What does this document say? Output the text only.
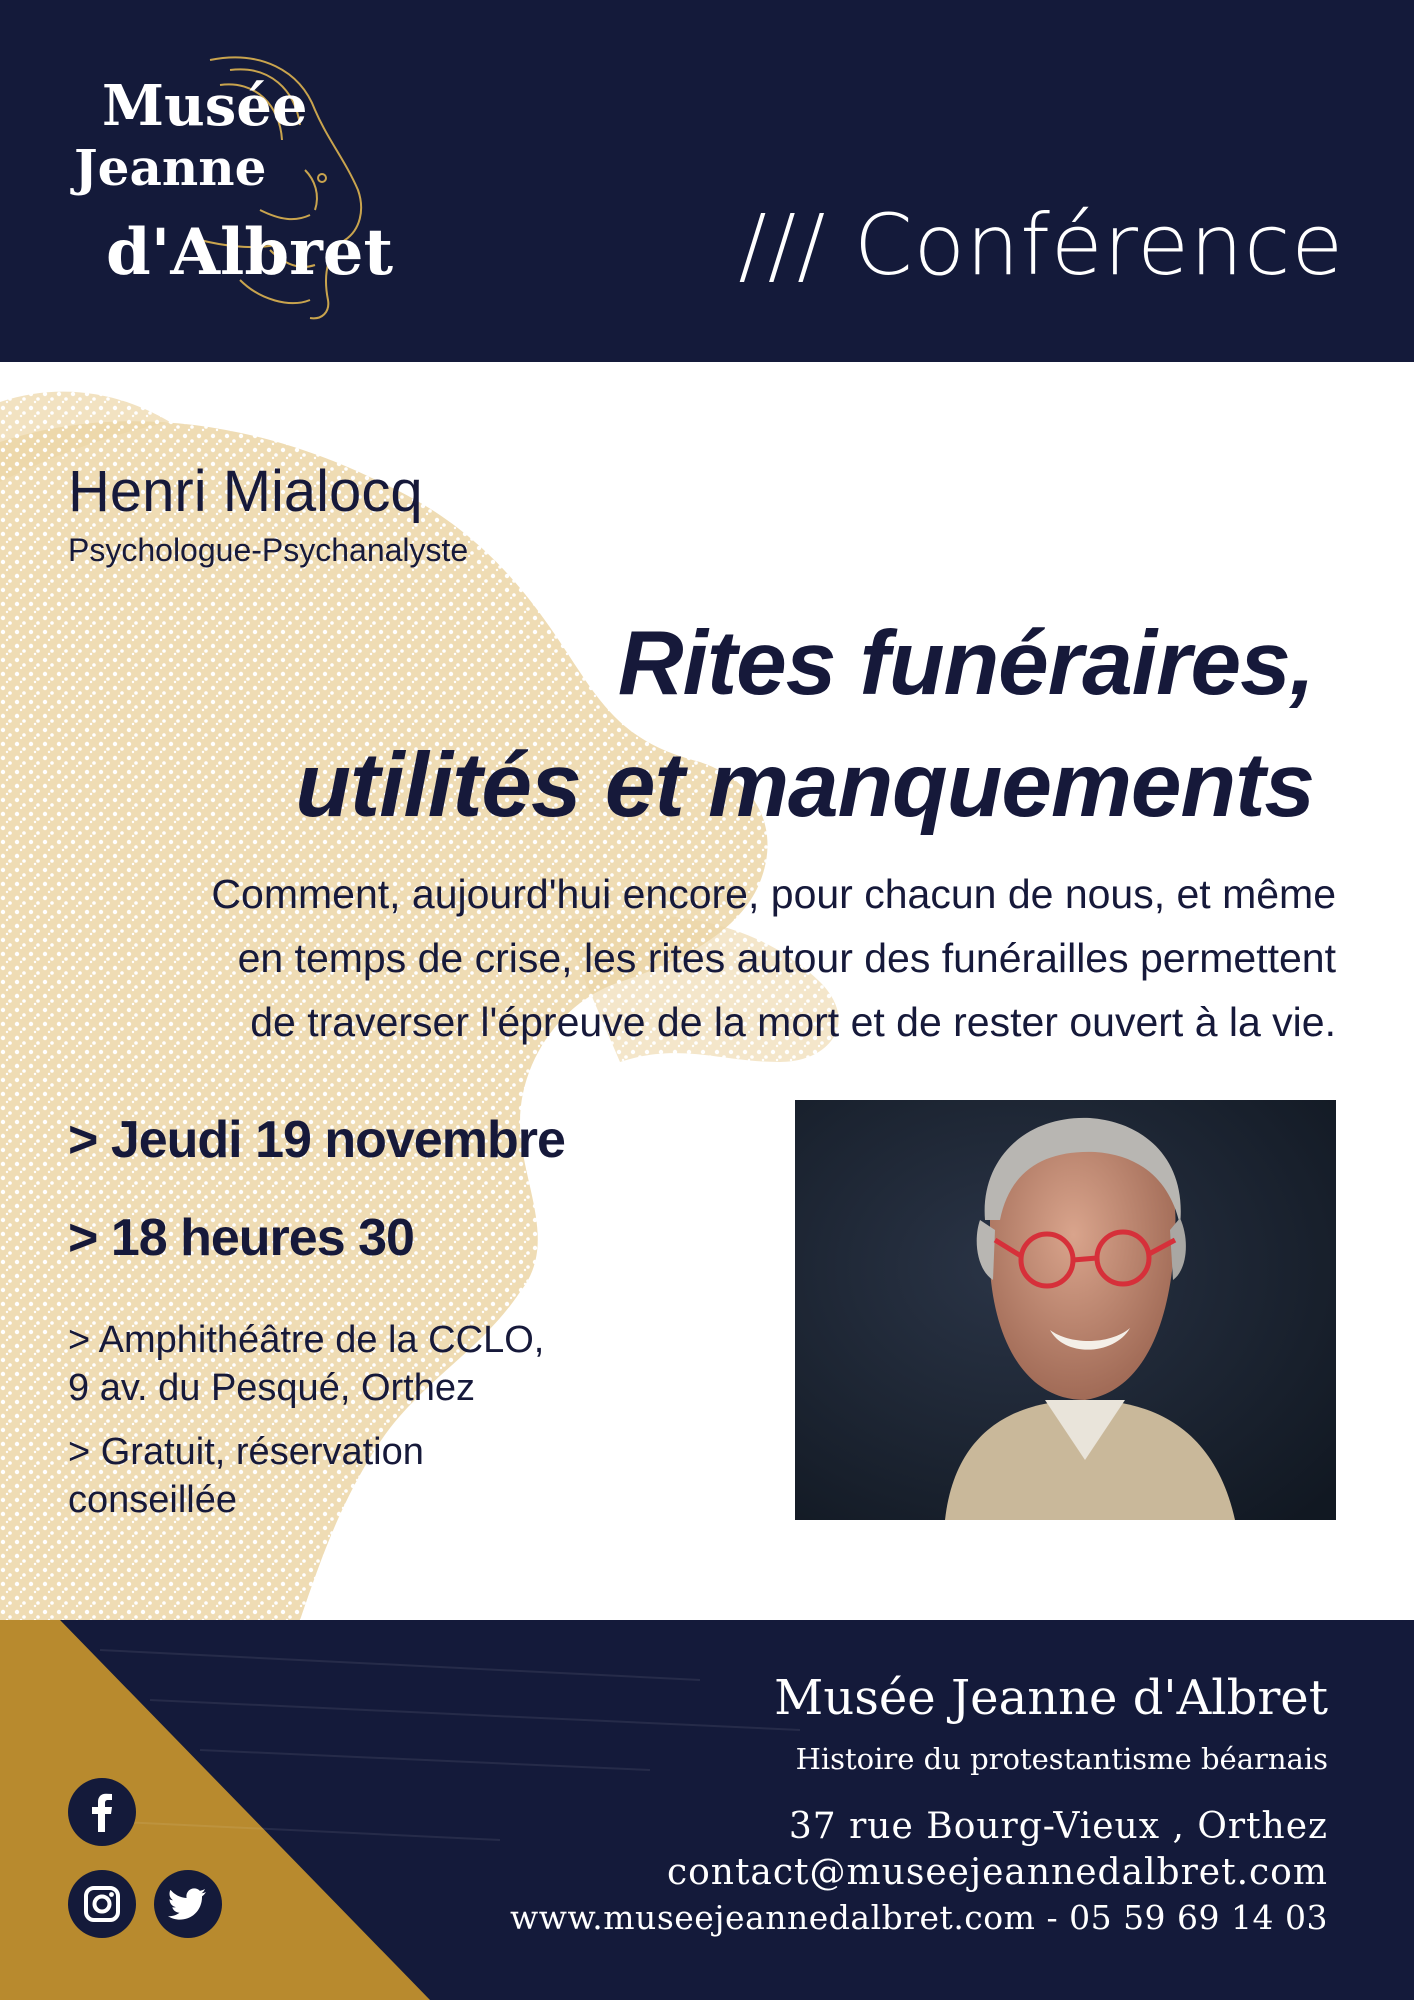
Musée
Jeanne
d'Albret	/// Conférence
Henri Mialocq
Psychologue-Psychanalyste
Rites funéraires,
utilités et manquements
Comment, aujourd'hui encore, pour chacun de nous, et même
en temps de crise, les rites autour des funérailles permettent
de traverser l'épreuve de la mort et de rester ouvert à la vie.
> Jeudi 19 novembre
> 18 heures 30
> Amphithéâtre de la CCLO,
9 av. du Pesqué, Orthez
> Gratuit, réservation
conseillée
Musée Jeanne d'Albret
Histoire du protestantisme béarnais
37 rue Bourg-Vieux , Orthez
contact@museejeannedalbret.com
www.museejeannedalbret.com - 05 59 69 14 03
